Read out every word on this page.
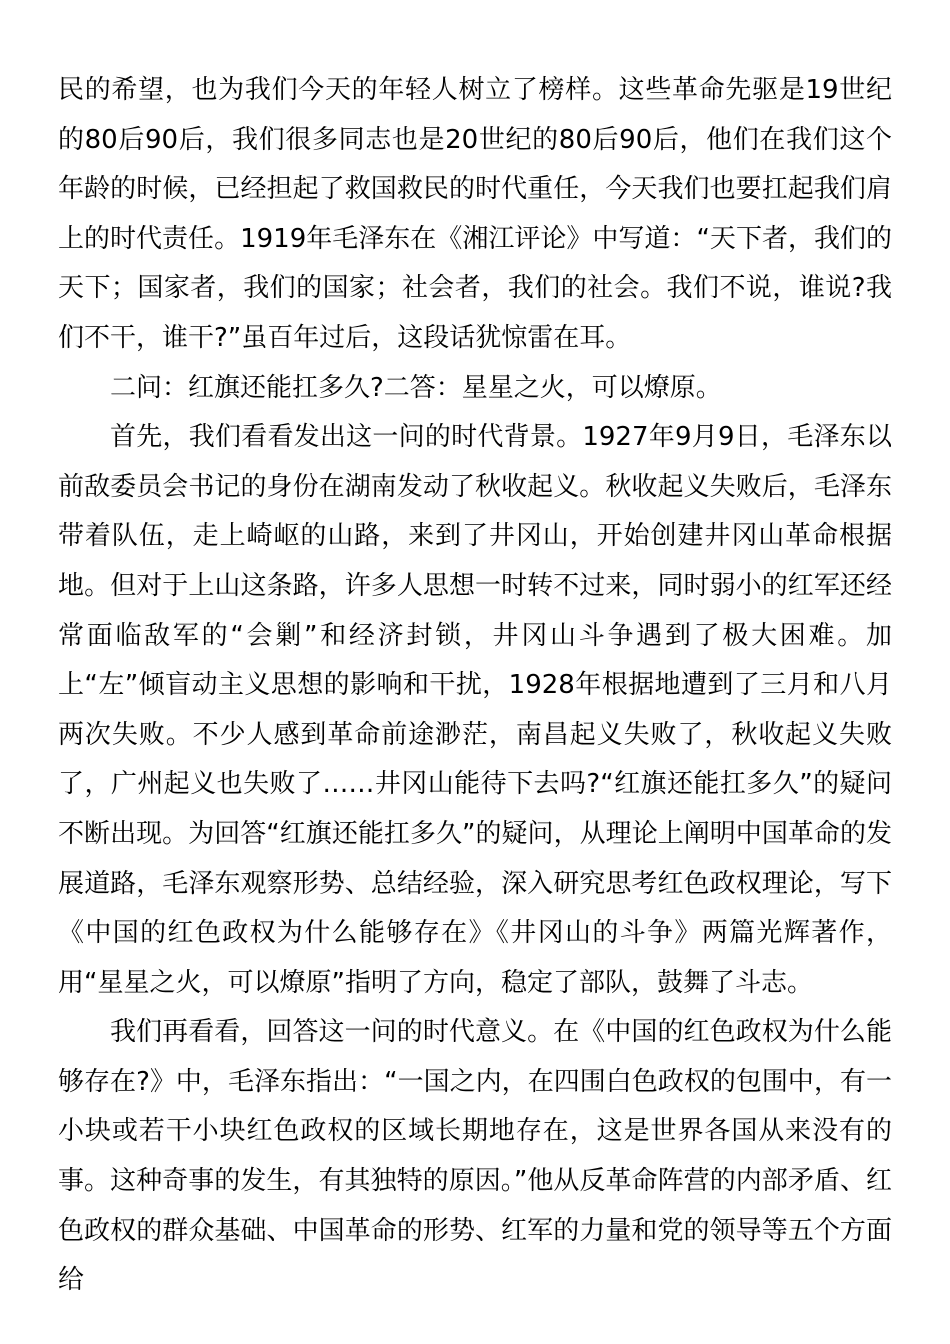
民的希望，也为我们今天的年轻人树立了榜样。这些革命先驱是19世纪的80后90后，我们很多同志也是20世纪的80后90后，他们在我们这个年龄的时候，已经担起了救国救民的时代重任，今天我们也要扛起我们肩上的时代责任。1919年毛泽东在《湘江评论》中写道：“天下者，我们的天下；国家者，我们的国家；社会者，我们的社会。我们不说，谁说?我们不干，谁干?”虽百年过后，这段话犹惊雷在耳。

二问：红旗还能扛多久?二答：星星之火，可以燎原。

首先，我们看看发出这一问的时代背景。1927年9月9日，毛泽东以前敌委员会书记的身份在湖南发动了秋收起义。秋收起义失败后，毛泽东带着队伍，走上崎岖的山路，来到了井冈山，开始创建井冈山革命根据地。但对于上山这条路，许多人思想一时转不过来，同时弱小的红军还经常面临敌军的“会剿”和经济封锁，井冈山斗争遇到了极大困难。加上“左”倾盲动主义思想的影响和干扰，1928年根据地遭到了三月和八月两次失败。不少人感到革命前途渺茫，南昌起义失败了，秋收起义失败了，广州起义也失败了……井冈山能待下去吗?“红旗还能扛多久”的疑问不断出现。为回答“红旗还能扛多久”的疑问，从理论上阐明中国革命的发展道路，毛泽东观察形势、总结经验，深入研究思考红色政权理论，写下《中国的红色政权为什么能够存在》《井冈山的斗争》两篇光辉著作，用“星星之火，可以燎原”指明了方向，稳定了部队，鼓舞了斗志。

我们再看看，回答这一问的时代意义。在《中国的红色政权为什么能够存在?》中，毛泽东指出：“一国之内，在四围白色政权的包围中，有一小块或若干小块红色政权的区域长期地存在，这是世界各国从来没有的事。这种奇事的发生，有其独特的原因。”他从反革命阵营的内部矛盾、红色政权的群众基础、中国革命的形势、红军的力量和党的领导等五个方面给
